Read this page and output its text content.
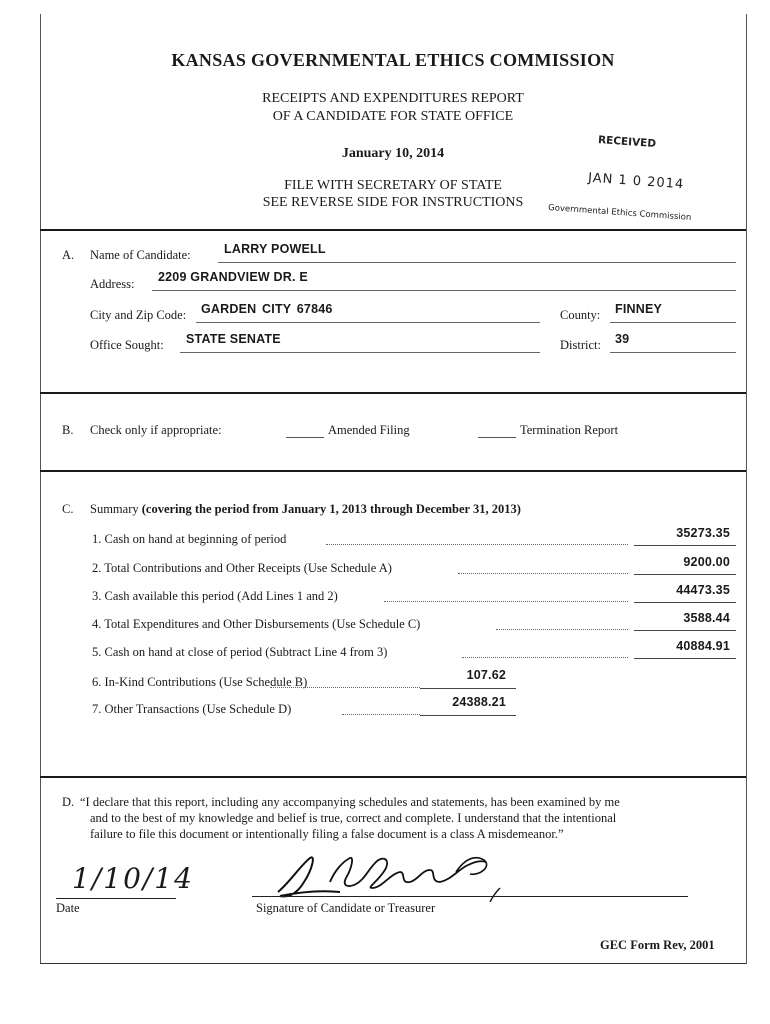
KANSAS GOVERNMENTAL ETHICS COMMISSION
RECEIPTS AND EXPENDITURES REPORT
OF A CANDIDATE FOR STATE OFFICE
January 10, 2014
FILE WITH SECRETARY OF STATE
SEE REVERSE SIDE FOR INSTRUCTIONS
RECEIVED
JAN 1 0 2014
Governmental Ethics Commission
A. Name of Candidate:	LARRY POWELL
Address: 2209 GRANDVIEW DR. E
City and Zip Code: GARDEN CITY 67846	County: FINNEY
Office Sought: STATE SENATE	District: 39
B. Check only if appropriate:	Amended Filing	Termination Report
C. Summary (covering the period from January 1, 2013 through December 31, 2013)
1. Cash on hand at beginning of period	35273.35
2. Total Contributions and Other Receipts (Use Schedule A)	9200.00
3. Cash available this period (Add Lines 1 and 2)	44473.35
4. Total Expenditures and Other Disbursements (Use Schedule C)	3588.44
5. Cash on hand at close of period (Subtract Line 4 from 3)	40884.91
6. In-Kind Contributions (Use Schedule B)	107.62
7. Other Transactions (Use Schedule D)	24388.21
D. “I declare that this report, including any accompanying schedules and statements, has been examined by me
and to the best of my knowledge and belief is true, correct and complete. I understand that the intentional
failure to file this document or intentionally filing a false document is a class A misdemeanor.”
1/10/14
Date	Signature of Candidate or Treasurer
GEC Form Rev, 2001
